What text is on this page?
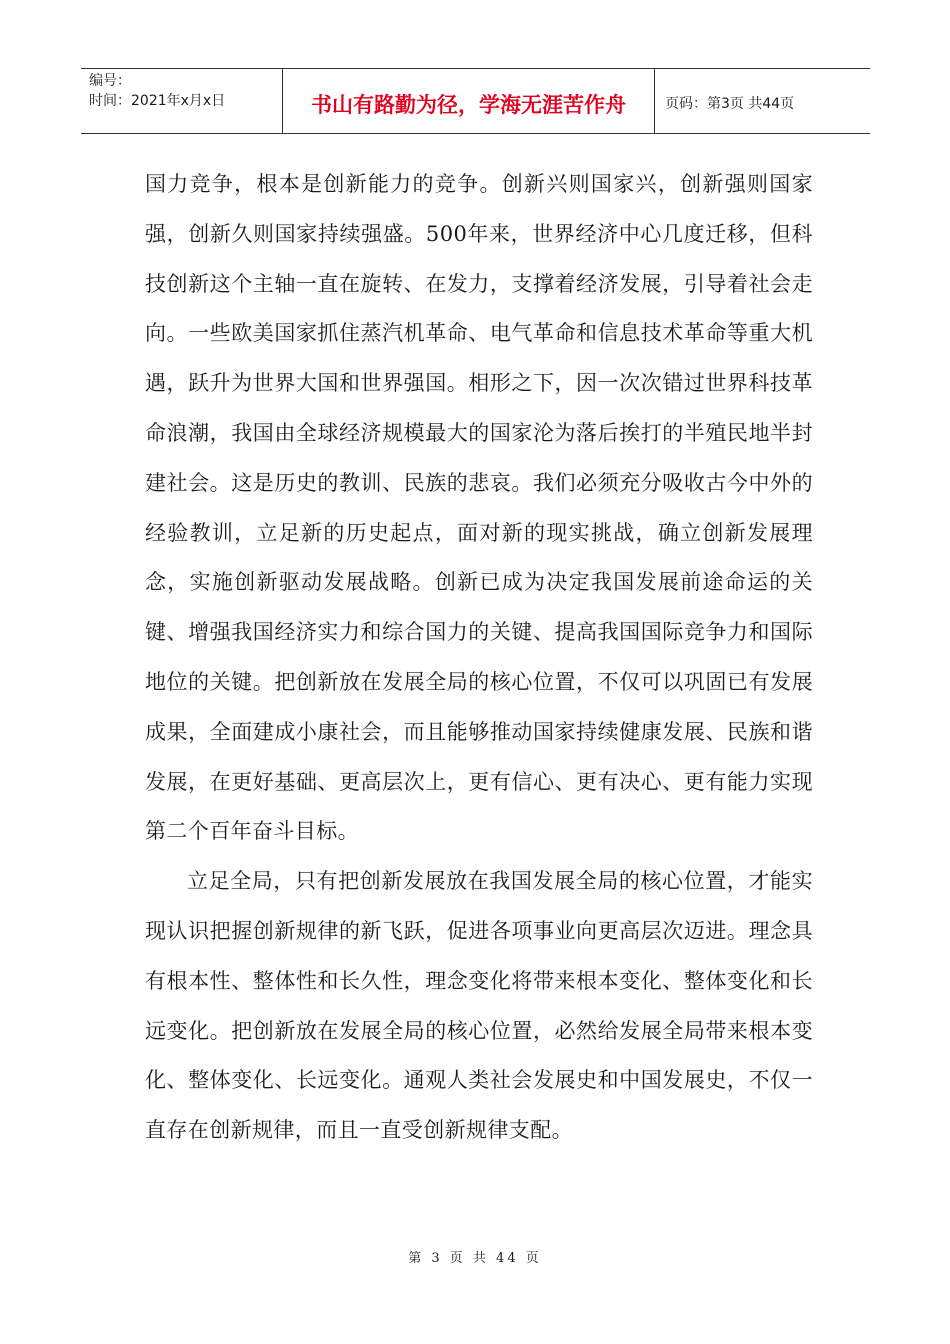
编号：
时间：2021年x月x日	书山有路勤为径，学海无涯苦作舟	页码：第3页 共44页

国力竞争，根本是创新能力的竞争。创新兴则国家兴，创新强则国家强，创新久则国家持续强盛。500年来，世界经济中心几度迁移，但科技创新这个主轴一直在旋转、在发力，支撑着经济发展，引导着社会走向。一些欧美国家抓住蒸汽机革命、电气革命和信息技术革命等重大机遇，跃升为世界大国和世界强国。相形之下，因一次次错过世界科技革命浪潮，我国由全球经济规模最大的国家沦为落后挨打的半殖民地半封建社会。这是历史的教训、民族的悲哀。我们必须充分吸收古今中外的经验教训，立足新的历史起点，面对新的现实挑战，确立创新发展理念，实施创新驱动发展战略。创新已成为决定我国发展前途命运的关键、增强我国经济实力和综合国力的关键、提高我国国际竞争力和国际地位的关键。把创新放在发展全局的核心位置，不仅可以巩固已有发展成果，全面建成小康社会，而且能够推动国家持续健康发展、民族和谐发展，在更好基础、更高层次上，更有信心、更有决心、更有能力实现第二个百年奋斗目标。

立足全局，只有把创新发展放在我国发展全局的核心位置，才能实现认识把握创新规律的新飞跃，促进各项事业向更高层次迈进。理念具有根本性、整体性和长久性，理念变化将带来根本变化、整体变化和长远变化。把创新放在发展全局的核心位置，必然给发展全局带来根本变化、整体变化、长远变化。通观人类社会发展史和中国发展史，不仅一直存在创新规律，而且一直受创新规律支配。

第 3 页 共 44 页
